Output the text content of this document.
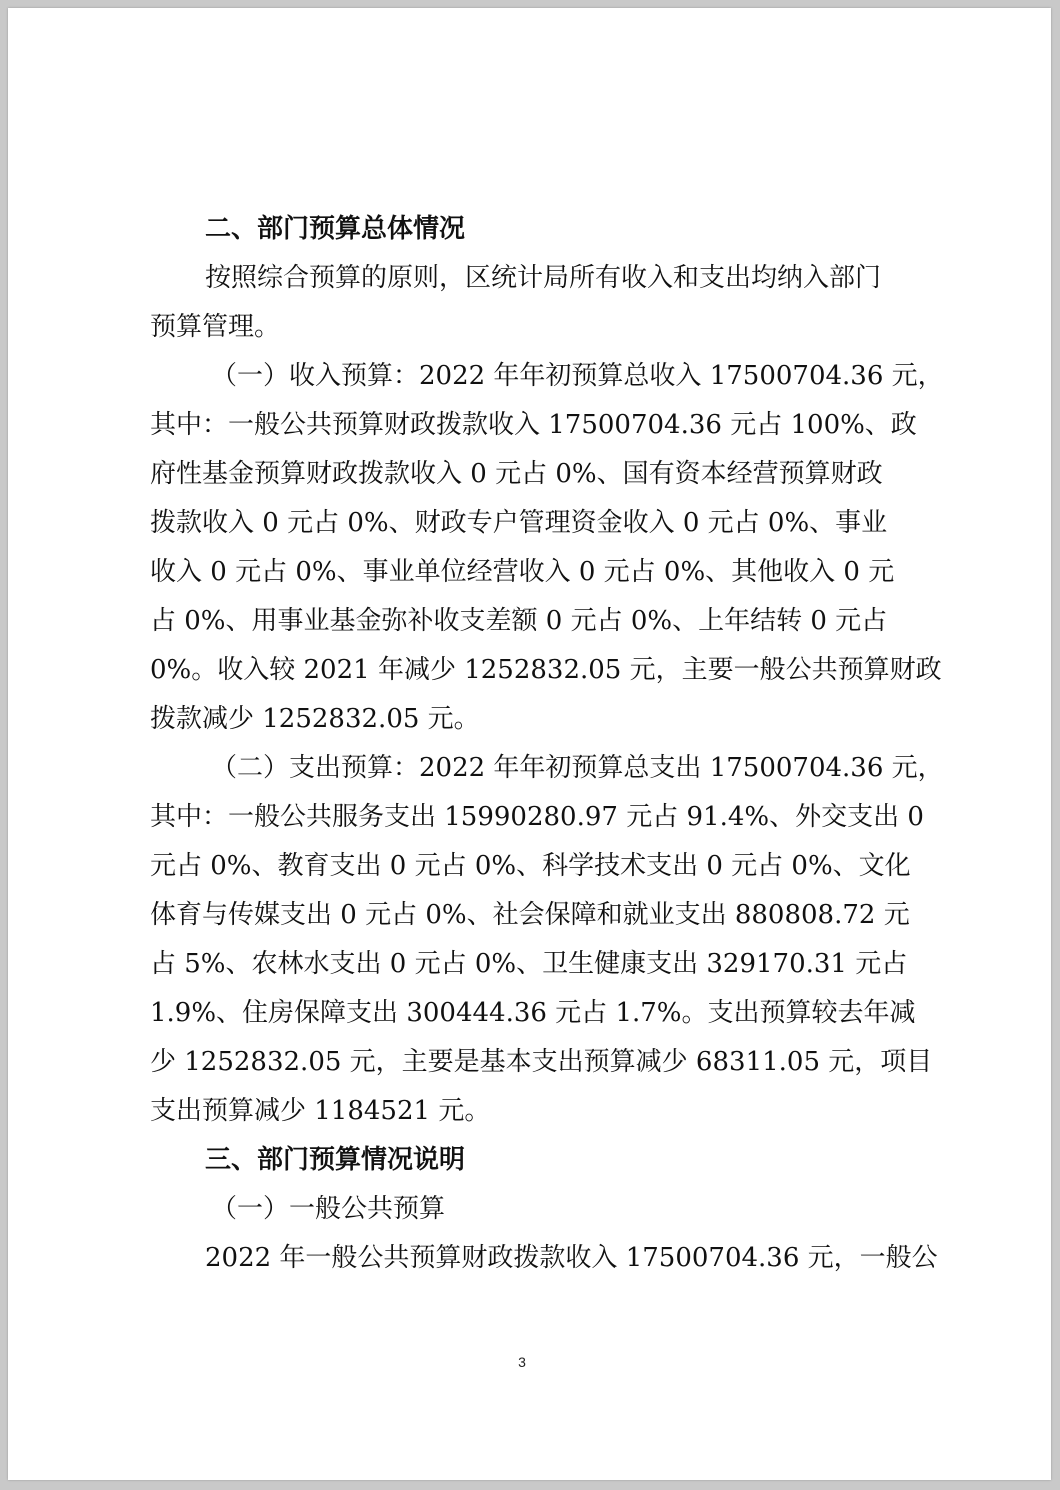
二、部门预算总体情况

按照综合预算的原则，区统计局所有收入和支出均纳入部门

预算管理。

（一）收入预算：2022 年年初预算总收入 17500704.36 元，

其中：一般公共预算财政拨款收入 17500704.36 元占 100%、政

府性基金预算财政拨款收入 0 元占 0%、国有资本经营预算财政

拨款收入 0 元占 0%、财政专户管理资金收入 0 元占 0%、事业

收入 0 元占 0%、事业单位经营收入 0 元占 0%、其他收入 0 元

占 0%、用事业基金弥补收支差额 0 元占 0%、上年结转 0 元占

0%。收入较 2021 年减少 1252832.05 元，主要一般公共预算财政

拨款减少 1252832.05 元。

（二）支出预算：2022 年年初预算总支出 17500704.36 元，

其中：一般公共服务支出 15990280.97 元占 91.4%、外交支出 0

元占 0%、教育支出 0 元占 0%、科学技术支出 0 元占 0%、文化

体育与传媒支出 0 元占 0%、社会保障和就业支出 880808.72 元

占 5%、农林水支出 0 元占 0%、卫生健康支出 329170.31 元占

1.9%、住房保障支出 300444.36 元占 1.7%。支出预算较去年减

少 1252832.05 元，主要是基本支出预算减少 68311.05 元，项目

支出预算减少 1184521 元。

三、部门预算情况说明

（一）一般公共预算

2022 年一般公共预算财政拨款收入 17500704.36 元，一般公

3
